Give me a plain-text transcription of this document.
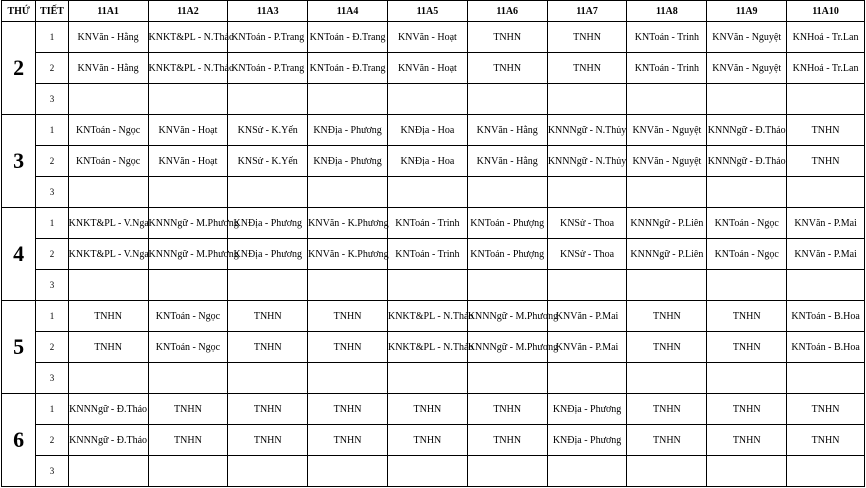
THỨ	TIẾT	11A1	11A2	11A3	11A4	11A5	11A6	11A7	11A8	11A9	11A10
2	1	KNVăn - Hằng	KNKT&PL - N.Thảo	KNToán - P.Trang	KNToán - Đ.Trang	KNVăn - Hoạt	TNHN	TNHN	KNToán - Trinh	KNVăn - Nguyệt	KNHoá - Tr.Lan
	2	KNVăn - Hằng	KNKT&PL - N.Thảo	KNToán - P.Trang	KNToán - Đ.Trang	KNVăn - Hoạt	TNHN	TNHN	KNToán - Trinh	KNVăn - Nguyệt	KNHoá - Tr.Lan
	3										
3	1	KNToán - Ngọc	KNVăn - Hoạt	KNSử - K.Yến	KNĐịa - Phương	KNĐịa - Hoa	KNVăn - Hằng	KNNNgữ - N.Thủy	KNVăn - Nguyệt	KNNNgữ - Đ.Thảo	TNHN
	2	KNToán - Ngọc	KNVăn - Hoạt	KNSử - K.Yến	KNĐịa - Phương	KNĐịa - Hoa	KNVăn - Hằng	KNNNgữ - N.Thủy	KNVăn - Nguyệt	KNNNgữ - Đ.Thảo	TNHN
	3										
4	1	KNKT&PL - V.Nga	KNNNgữ - M.Phương	KNĐịa - Phương	KNVăn - K.Phương	KNToán - Trinh	KNToán - Phượng	KNSử - Thoa	KNNNgữ - P.Liên	KNToán - Ngọc	KNVăn - P.Mai
	2	KNKT&PL - V.Nga	KNNNgữ - M.Phương	KNĐịa - Phương	KNVăn - K.Phương	KNToán - Trinh	KNToán - Phượng	KNSử - Thoa	KNNNgữ - P.Liên	KNToán - Ngọc	KNVăn - P.Mai
	3										
5	1	TNHN	KNToán - Ngọc	TNHN	TNHN	KNKT&PL - N.Thảo	KNNNgữ - M.Phương	KNVăn - P.Mai	TNHN	TNHN	KNToán - B.Hoa
	2	TNHN	KNToán - Ngọc	TNHN	TNHN	KNKT&PL - N.Thảo	KNNNgữ - M.Phương	KNVăn - P.Mai	TNHN	TNHN	KNToán - B.Hoa
	3										
6	1	KNNNgữ - Đ.Thảo	TNHN	TNHN	TNHN	TNHN	TNHN	KNĐịa - Phương	TNHN	TNHN	TNHN
	2	KNNNgữ - Đ.Thảo	TNHN	TNHN	TNHN	TNHN	TNHN	KNĐịa - Phương	TNHN	TNHN	TNHN
	3										
